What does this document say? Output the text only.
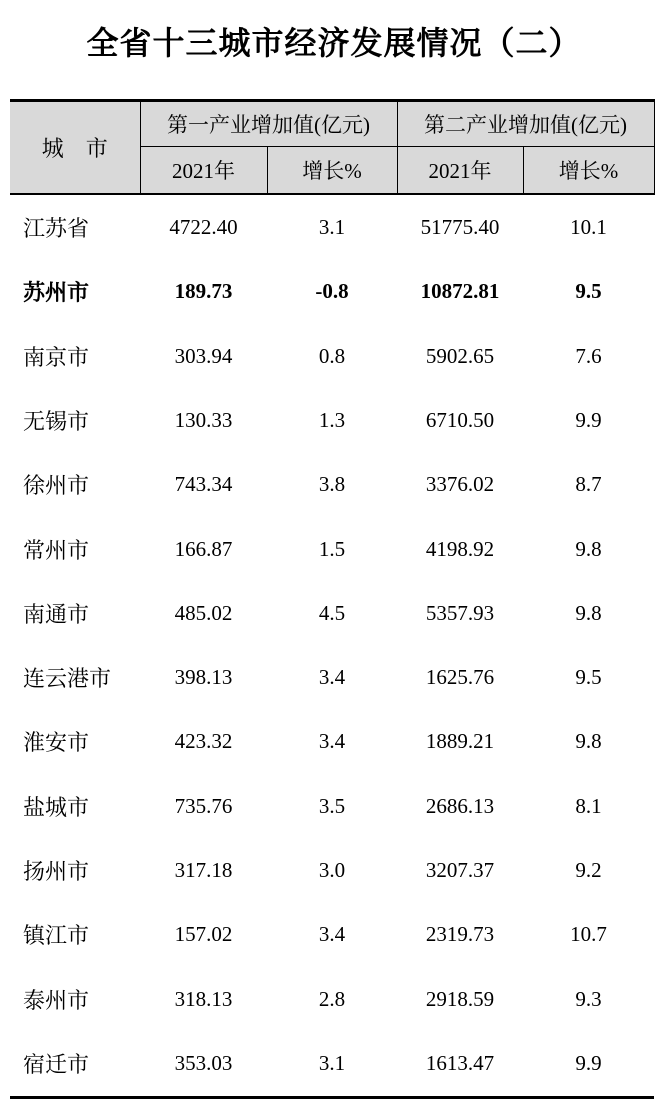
全省十三城市经济发展情况（二）
城　市	第一产业增加值(亿元)		第二产业增加值(亿元)	
	2021年	增长%	2021年	增长%
江苏省	4722.40	3.1	51775.40	10.1
苏州市	189.73	-0.8	10872.81	9.5
南京市	303.94	0.8	5902.65	7.6
无锡市	130.33	1.3	6710.50	9.9
徐州市	743.34	3.8	3376.02	8.7
常州市	166.87	1.5	4198.92	9.8
南通市	485.02	4.5	5357.93	9.8
连云港市	398.13	3.4	1625.76	9.5
淮安市	423.32	3.4	1889.21	9.8
盐城市	735.76	3.5	2686.13	8.1
扬州市	317.18	3.0	3207.37	9.2
镇江市	157.02	3.4	2319.73	10.7
泰州市	318.13	2.8	2918.59	9.3
宿迁市	353.03	3.1	1613.47	9.9
